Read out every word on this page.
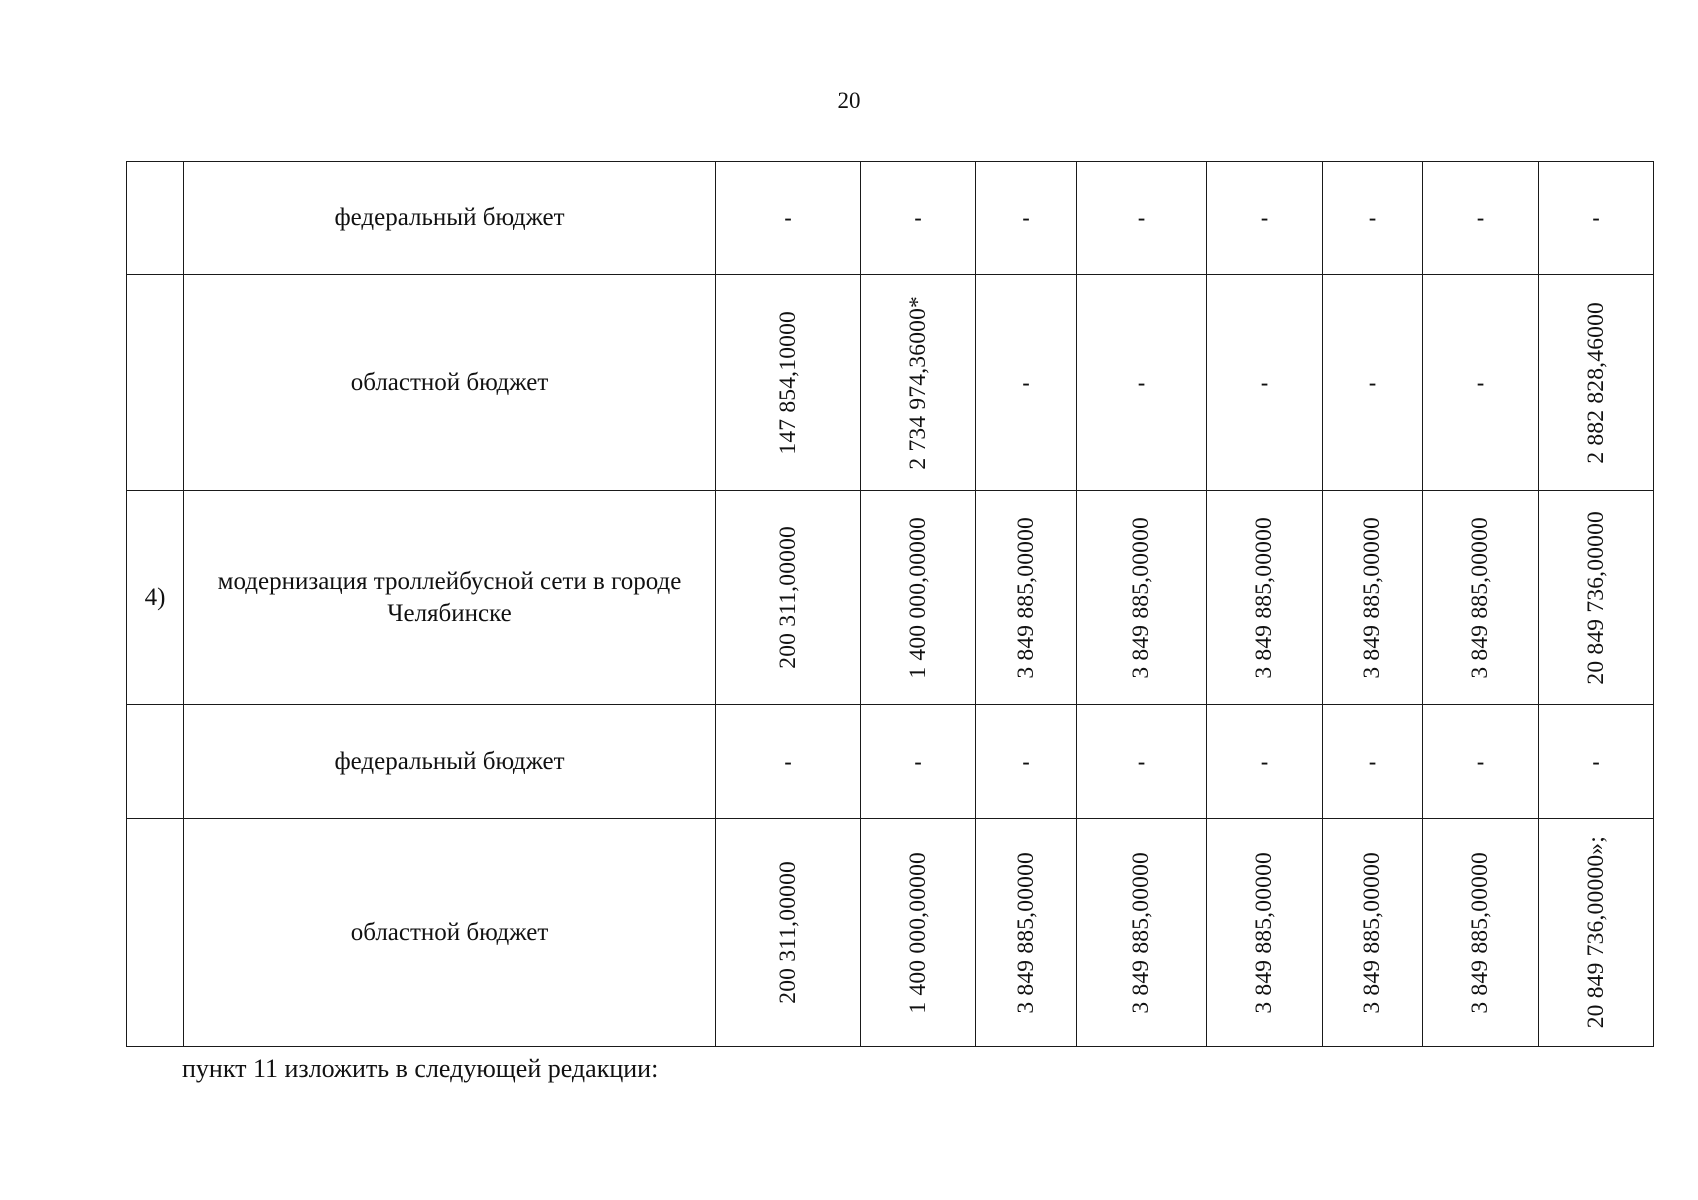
20
	федеральный бюджет	-	-	-	-	-	-	-	-
	областной бюджет	147 854,10000	2 734 974,36000*	-	-	-	-	-	2 882 828,46000

4)	модернизация троллейбусной сети в городе Челябинске	200 311,00000	1 400 000,00000	3 849 885,00000	3 849 885,00000	3 849 885,00000	3 849 885,00000	3 849 885,00000	20 849 736,00000

	федеральный бюджет	-	-	-	-	-	-	-	-
	областной бюджет	200 311,00000	1 400 000,00000	3 849 885,00000	3 849 885,00000	3 849 885,00000	3 849 885,00000	3 849 885,00000	20 849 736,00000»;
пункт 11 изложить в следующей редакции:
